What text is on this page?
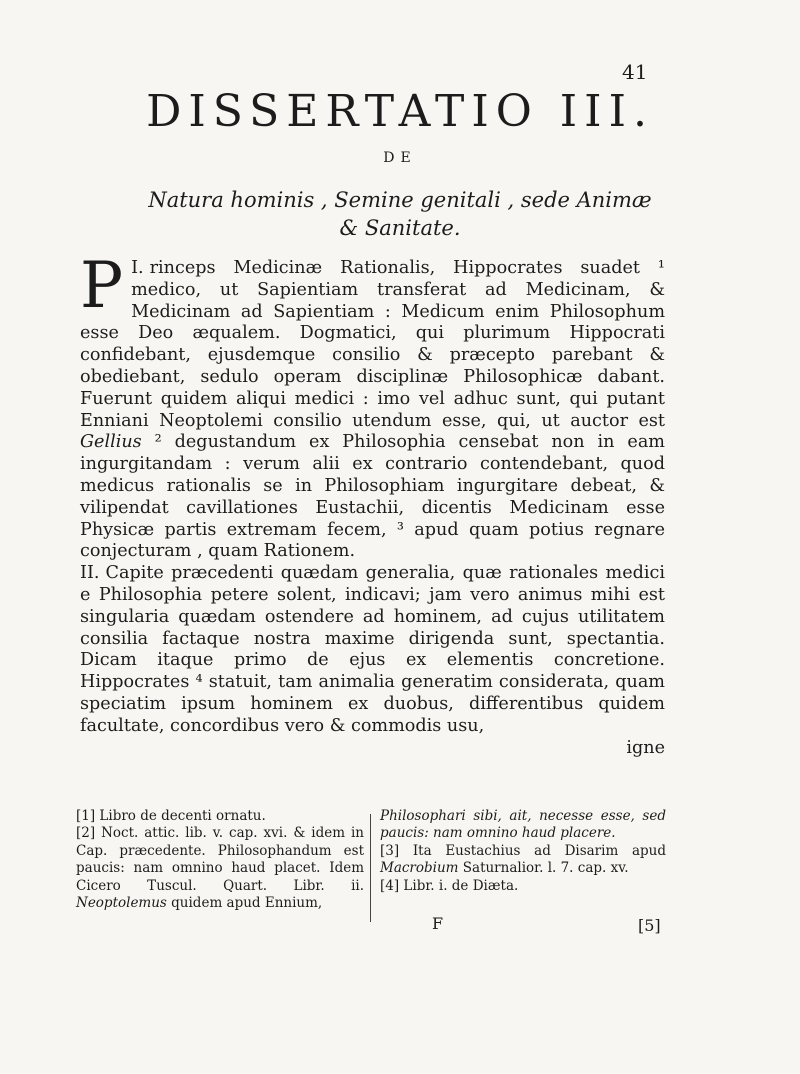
41
DISSERTATIO III.
DE
Natura hominis , Semine genitali , sede Animæ
& Sanitate.

I.
P rinceps Medicinæ Rationalis, Hippocrates suadet ¹ medico, ut Sapientiam transferat ad Medicinam, & Medicinam ad Sapientiam : Medicum enim Philosophum esse Deo æqualem. Dogmatici, qui plurimum Hippocrati confidebant, ejusdemque consilio & præcepto parebant & obediebant, sedulo operam disciplinæ Philosophicæ dabant. Fuerunt quidem aliqui medici : imo vel adhuc sunt, qui putant Enniani Neoptolemi consilio utendum esse, qui, ut auctor est Gellius ² degustandum ex Philosophia censebat non in eam ingurgitandam : verum alii ex contrario contendebant, quod medicus rationalis se in Philosophiam ingurgitare debeat, & vilipendat cavillationes Eustachii, dicentis Medicinam esse Physicæ partis extremam fecem, ³ apud quam potius regnare conjecturam , quam Rationem.

II. Capite præcedenti quædam generalia, quæ rationales medici e Philosophia petere solent, indicavi; jam vero animus mihi est singularia quædam ostendere ad hominem, ad cujus utilitatem consilia factaque nostra maxime dirigenda sunt, spectantia. Dicam itaque primo de ejus ex elementis concretione. Hippocrates ⁴ statuit, tam animalia generatim considerata, quam speciatim ipsum hominem ex duobus, differentibus quidem facultate, concordibus vero & commodis usu,

igne

[1] Libro de decenti ornatu.

[2] Noct. attic. lib. v. cap. xvi. & idem in Cap. præcedente. Philosophandum est paucis: nam omnino haud placet. Idem Cicero Tuscul. Quart. Libr. ii. Neoptolemus quidem apud Ennium,

Philosophari sibi, ait, necesse esse, sed paucis: nam omnino haud placere.

[3] Ita Eustachius ad Disarim apud Macrobium Saturnalior. l. 7. cap. xv.

[4] Libr. i. de Diæta.

F	[5]
